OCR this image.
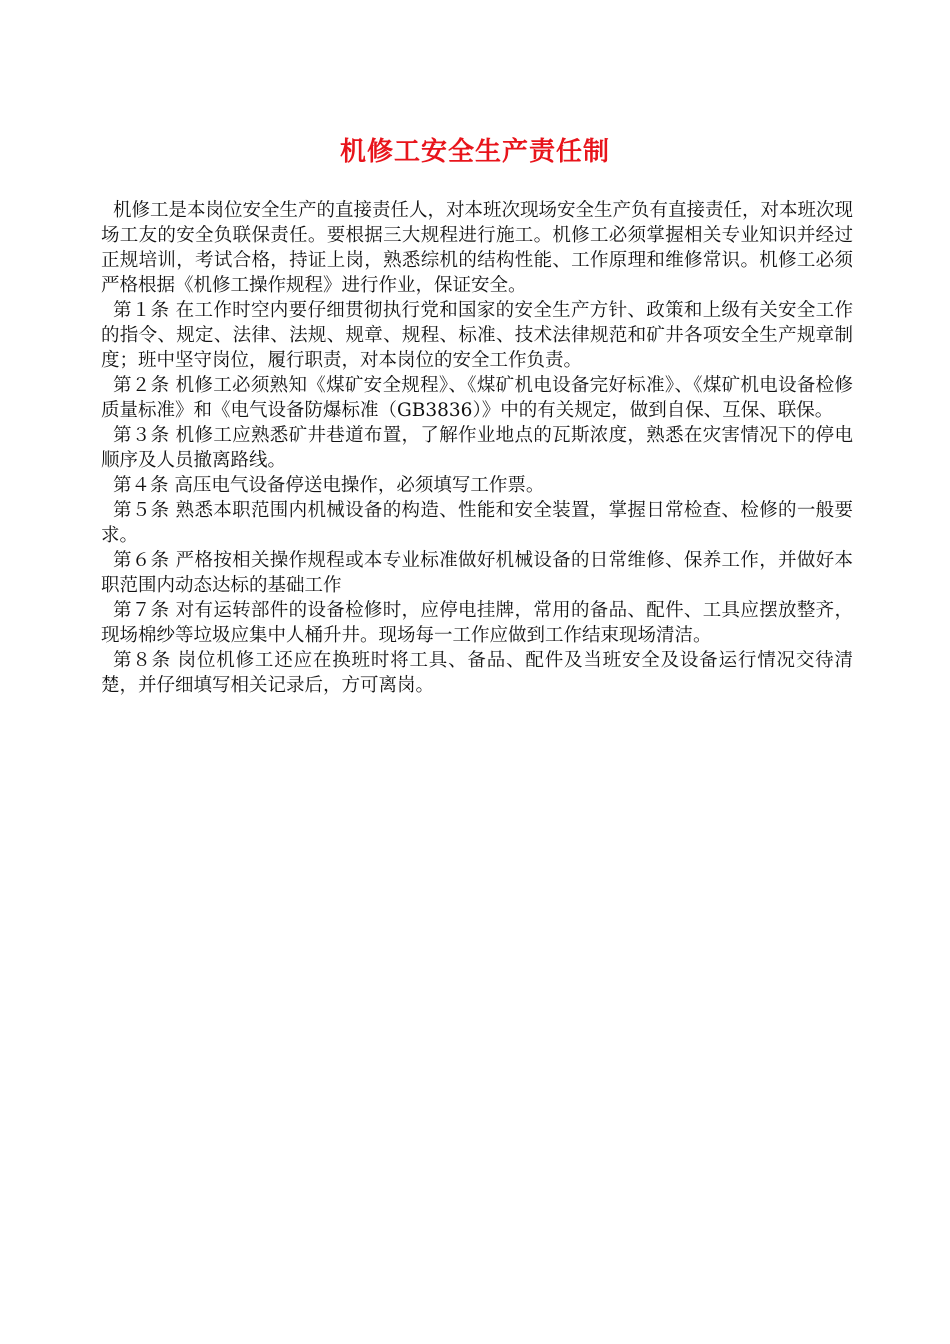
机修工安全生产责任制

机修工是本岗位安全生产的直接责任人，对本班次现场安全生产负有直接责任，对本班次现场工友的安全负联保责任。要根据三大规程进行施工。机修工必须掌握相关专业知识并经过正规培训，考试合格，持证上岗，熟悉综机的结构性能、工作原理和维修常识。机修工必须严格根据《机修工操作规程》进行作业，保证安全。

第１条 在工作时空内要仔细贯彻执行党和国家的安全生产方针、政策和上级有关安全工作的指令、规定、法律、法规、规章、规程、标准、技术法律规范和矿井各项安全生产规章制度；班中坚守岗位，履行职责，对本岗位的安全工作负责。

第２条 机修工必须熟知《煤矿安全规程》、《煤矿机电设备完好标准》、《煤矿机电设备检修质量标准》和《电气设备防爆标准（GB3836）》中的有关规定，做到自保、互保、联保。

第３条 机修工应熟悉矿井巷道布置，了解作业地点的瓦斯浓度，熟悉在灾害情况下的停电顺序及人员撤离路线。

第４条 高压电气设备停送电操作，必须填写工作票。

第５条 熟悉本职范围内机械设备的构造、性能和安全装置，掌握日常检查、检修的一般要求。

第６条 严格按相关操作规程或本专业标准做好机械设备的日常维修、保养工作，并做好本职范围内动态达标的基础工作

第７条 对有运转部件的设备检修时，应停电挂牌，常用的备品、配件、工具应摆放整齐，现场棉纱等垃圾应集中人桶升井。现场每一工作应做到工作结束现场清洁。

第８条 岗位机修工还应在换班时将工具、备品、配件及当班安全及设备运行情况交待清楚，并仔细填写相关记录后，方可离岗。
